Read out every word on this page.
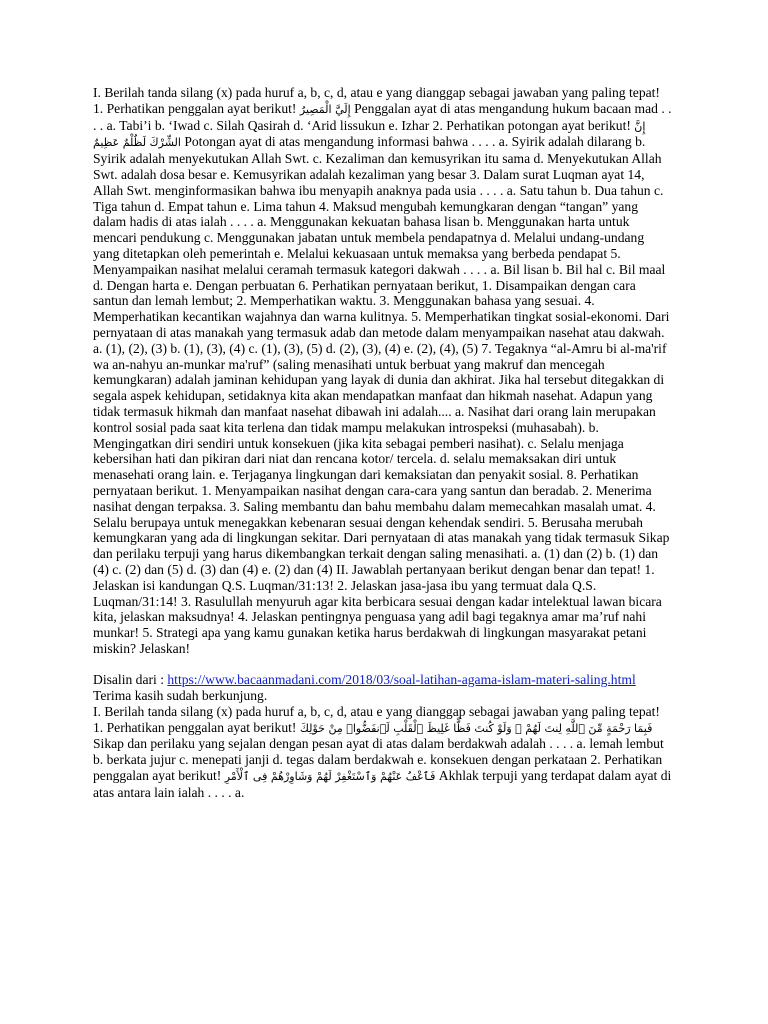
I. Berilah tanda silang (x) pada huruf a, b, c, d, atau e yang dianggap sebagai jawaban yang paling tepat! 1. Perhatikan penggalan ayat berikut! إِلَيَّ الْمَصِيرُ Penggalan ayat di atas mengandung hukum bacaan mad . . . . a. Tabi’i b. ‘Iwad c. Silah Qasirah d. ‘Arid lissukun e. Izhar 2. Perhatikan potongan ayat berikut! إِنَّ الشِّرْكَ لَظُلْمٌ عَظِيمٌ Potongan ayat di atas mengandung informasi bahwa . . . . a. Syirik adalah dilarang b. Syirik adalah menyekutukan Allah Swt. c. Kezaliman dan kemusyrikan itu sama d. Menyekutukan Allah Swt. adalah dosa besar e. Kemusyrikan adalah kezaliman yang besar 3. Dalam surat Luqman ayat 14, Allah Swt. menginformasikan bahwa ibu menyapih anaknya pada usia . . . . a. Satu tahun b. Dua tahun c. Tiga tahun d. Empat tahun e. Lima tahun 4. Maksud mengubah kemungkaran dengan “tangan” yang dalam hadis di atas ialah . . . . a. Menggunakan kekuatan bahasa lisan b. Menggunakan harta untuk mencari pendukung c. Menggunakan jabatan untuk membela pendapatnya d. Melalui undang-undang yang ditetapkan oleh pemerintah e. Melalui kekuasaan untuk memaksa yang berbeda pendapat 5. Menyampaikan nasihat melalui ceramah termasuk kategori dakwah . . . . a. Bil lisan b. Bil hal c. Bil maal d. Dengan harta e. Dengan perbuatan 6. Perhatikan pernyataan berikut, 1. Disampaikan dengan cara santun dan lemah lembut; 2. Memperhatikan waktu. 3. Menggunakan bahasa yang sesuai. 4. Memperhatikan kecantikan wajahnya dan warna kulitnya. 5. Memperhatikan tingkat sosial-ekonomi. Dari pernyataan di atas manakah yang termasuk adab dan metode dalam menyampaikan nasehat atau dakwah. a. (1), (2), (3) b. (1), (3), (4) c. (1), (3), (5) d. (2), (3), (4) e. (2), (4), (5) 7. Tegaknya “al-Amru bi al-ma'rif wa an-nahyu an-munkar ma'ruf” (saling menasihati untuk berbuat yang makruf dan mencegah kemungkaran) adalah jaminan kehidupan yang layak di dunia dan akhirat. Jika hal tersebut ditegakkan di segala aspek kehidupan, setidaknya kita akan mendapatkan manfaat dan hikmah nasehat. Adapun yang tidak termasuk hikmah dan manfaat nasehat dibawah ini adalah.... a. Nasihat dari orang lain merupakan kontrol sosial pada saat kita terlena dan tidak mampu melakukan introspeksi (muhasabah). b. Mengingatkan diri sendiri untuk konsekuen (jika kita sebagai pemberi nasihat). c. Selalu menjaga kebersihan hati dan pikiran dari niat dan rencana kotor/ tercela. d. selalu memaksakan diri untuk menasehati orang lain. e. Terjaganya lingkungan dari kemaksiatan dan penyakit sosial. 8. Perhatikan pernyataan berikut. 1. Menyampaikan nasihat dengan cara-cara yang santun dan beradab. 2. Menerima nasihat dengan terpaksa. 3. Saling membantu dan bahu membahu dalam memecahkan masalah umat. 4. Selalu berupaya untuk menegakkan kebenaran sesuai dengan kehendak sendiri. 5. Berusaha merubah kemungkaran yang ada di lingkungan sekitar. Dari pernyataan di atas manakah yang tidak termasuk Sikap dan perilaku terpuji yang harus dikembangkan terkait dengan saling menasihati. a. (1) dan (2) b. (1) dan (4) c. (2) dan (5) d. (3) dan (4) e. (2) dan (4) II. Jawablah pertanyaan berikut dengan benar dan tepat! 1. Jelaskan isi kandungan Q.S. Luqman/31:13! 2. Jelaskan jasa-jasa ibu yang termuat dala Q.S. Luqman/31:14! 3. Rasulullah menyuruh agar kita berbicara sesuai dengan kadar intelektual lawan bicara kita, jelaskan maksudnya! 4. Jelaskan pentingnya penguasa yang adil bagi tegaknya amar ma’ruf nahi munkar! 5. Strategi apa yang kamu gunakan ketika harus berdakwah di lingkungan masyarakat petani miskin? Jelaskan!

Disalin dari : https://www.bacaanmadani.com/2018/03/soal-latihan-agama-islam-materi-saling.html

Terima kasih sudah berkunjung.

I. Berilah tanda silang (x) pada huruf a, b, c, d, atau e yang dianggap sebagai jawaban yang paling tepat! 1. Perhatikan penggalan ayat berikut! فَبِمَا رَحْمَةٍ مِّنَ ٱللَّهِ لِنتَ لَهُمْ ۖ وَلَوْ كُنتَ فَظًّا غَلِيظَ ٱلْقَلْبِ لَٱنفَضُّوا۟ مِنْ حَوْلِكَ Sikap dan perilaku yang sejalan dengan pesan ayat di atas dalam berdakwah adalah . . . . a. lemah lembut b. berkata jujur c. menepati janji d. tegas dalam berdakwah e. konsekuen dengan perkataan 2. Perhatikan penggalan ayat berikut! فَٱعْفُ عَنْهُمْ وَٱسْتَغْفِرْ لَهُمْ وَشَاوِرْهُمْ فِى ٱلْأَمْرِ Akhlak terpuji yang terdapat dalam ayat di atas antara lain ialah . . . . a.
